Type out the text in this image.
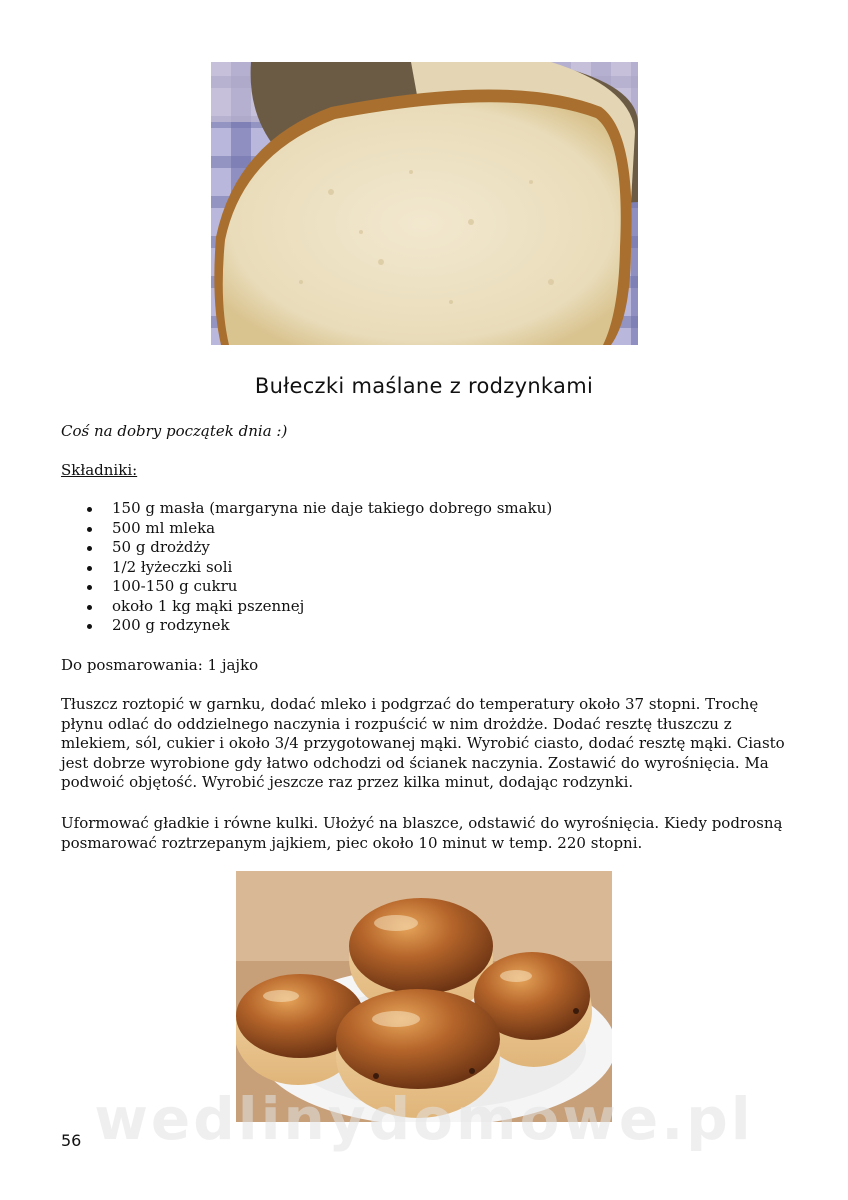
Bułeczki maślane z rodzynkami
Coś na dobry początek dnia :)
Składniki:
150 g masła (margaryna nie daje takiego dobrego smaku)
500 ml mleka
50 g drożdży
1/2 łyżeczki soli
100-150 g cukru
około 1 kg mąki pszennej
200 g rodzynek
Do posmarowania: 1 jajko
Tłuszcz roztopić w garnku, dodać mleko i podgrzać do temperatury około 37 stopni. Trochę płynu odlać do oddzielnego naczynia i rozpuścić w nim drożdże. Dodać resztę tłuszczu z mlekiem, sól, cukier i około 3/4 przygotowanej mąki. Wyrobić ciasto, dodać resztę mąki. Ciasto jest dobrze wyrobione gdy łatwo odchodzi od ścianek naczynia. Zostawić do wyrośnięcia. Ma podwoić objętość. Wyrobić jeszcze raz przez kilka minut, dodając rodzynki.
Uformować gładkie i równe kulki. Ułożyć na blaszce, odstawić do wyrośnięcia. Kiedy podrosną posmarować roztrzepanym jajkiem, piec około 10 minut w temp. 220 stopni.
wedlinydomowe.pl
56
